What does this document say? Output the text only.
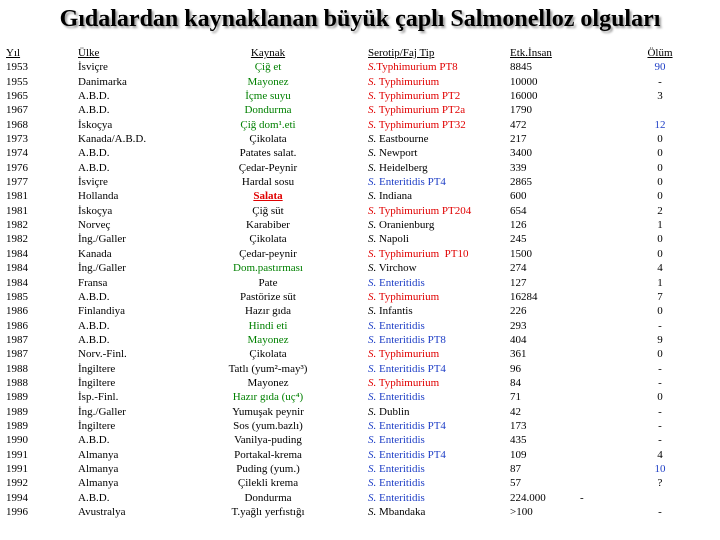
Gıdalardan kaynaklanan büyük çaplı Salmonelloz olguları
Yıl
1953
1955
1965
1967
1968
1973
1974
1976
1977
1981
1981
1982
1982
1984
1984
1984
1985
1986
1986
1987
1987
1988
1988
1989
1989
1989
1990
1991
1991
1992
1994
1996
Ülke
İsviçre
Danimarka
A.B.D.
A.B.D.
İskoçya
Kanada/A.B.D.
A.B.D.
A.B.D.
İsviçre
Hollanda
İskoçya
Norveç
İng./Galler
Kanada
İng./Galler
Fransa
A.B.D.
Finlandiya
A.B.D.
A.B.D.
Norv.-Finl.
İngiltere
İngiltere
İsp.-Finl.
İng./Galler
İngiltere
A.B.D.
Almanya
Almanya
Almanya
A.B.D.
Avustralya
Kaynak
Çiğ et
Mayonez
İçme suyu
Dondurma
Çiğ dom¹.eti
Çikolata
Patates salat.
Çedar-Peynir
Hardal sosu
Salata
Çiğ süt
Karabiber
Çikolata
Çedar-peynir
Dom.pastırması
Pate
Pastörize süt
Hazır gıda
Hindi eti
Mayonez
Çikolata
Tatlı (yum²-may³)
Mayonez
Hazır gıda (uç⁴)
Yumuşak peynir
Sos (yum.bazlı)
Vanilya-puding
Portakal-krema
Puding (yum.)
Çilekli krema
Dondurma
T.yağlı yerfıstığı
Serotip/Faj Tip
S.Typhimurium PT8
S. Typhimurium
S. Typhimurium PT2
S. Typhimurium PT2a
S. Typhimurium PT32
S. Eastbourne
S. Newport
S. Heidelberg
S. Enteritidis PT4
S. Indiana
S. Typhimurium PT204
S. Oranienburg
S. Napoli
S. Typhimurium  PT10
S. Virchow
S. Enteritidis
S. Typhimurium
S. Infantis
S. Enteritidis
S. Enteritidis PT8
S. Typhimurium
S. Enteritidis PT4
S. Typhimurium
S. Enteritidis
S. Dublin
S. Enteritidis PT4
S. Enteritidis
S. Enteritidis PT4
S. Enteritidis
S. Enteritidis
S. Enteritidis
S. Mbandaka
Etk.İnsan
8845
10000
16000
1790
472
217
3400
339
2865
600
654
126
245
1500
274
127
16284
226
293
404
361
96
84
71
42
173
435
109
87
57
224.000
>100
Ölüm
90
-
3
12
0
0
0
0
0
2
1
0
0
4
1
7
0
-
9
0
-
-
0
-
-
-
4
10
?
-
-
